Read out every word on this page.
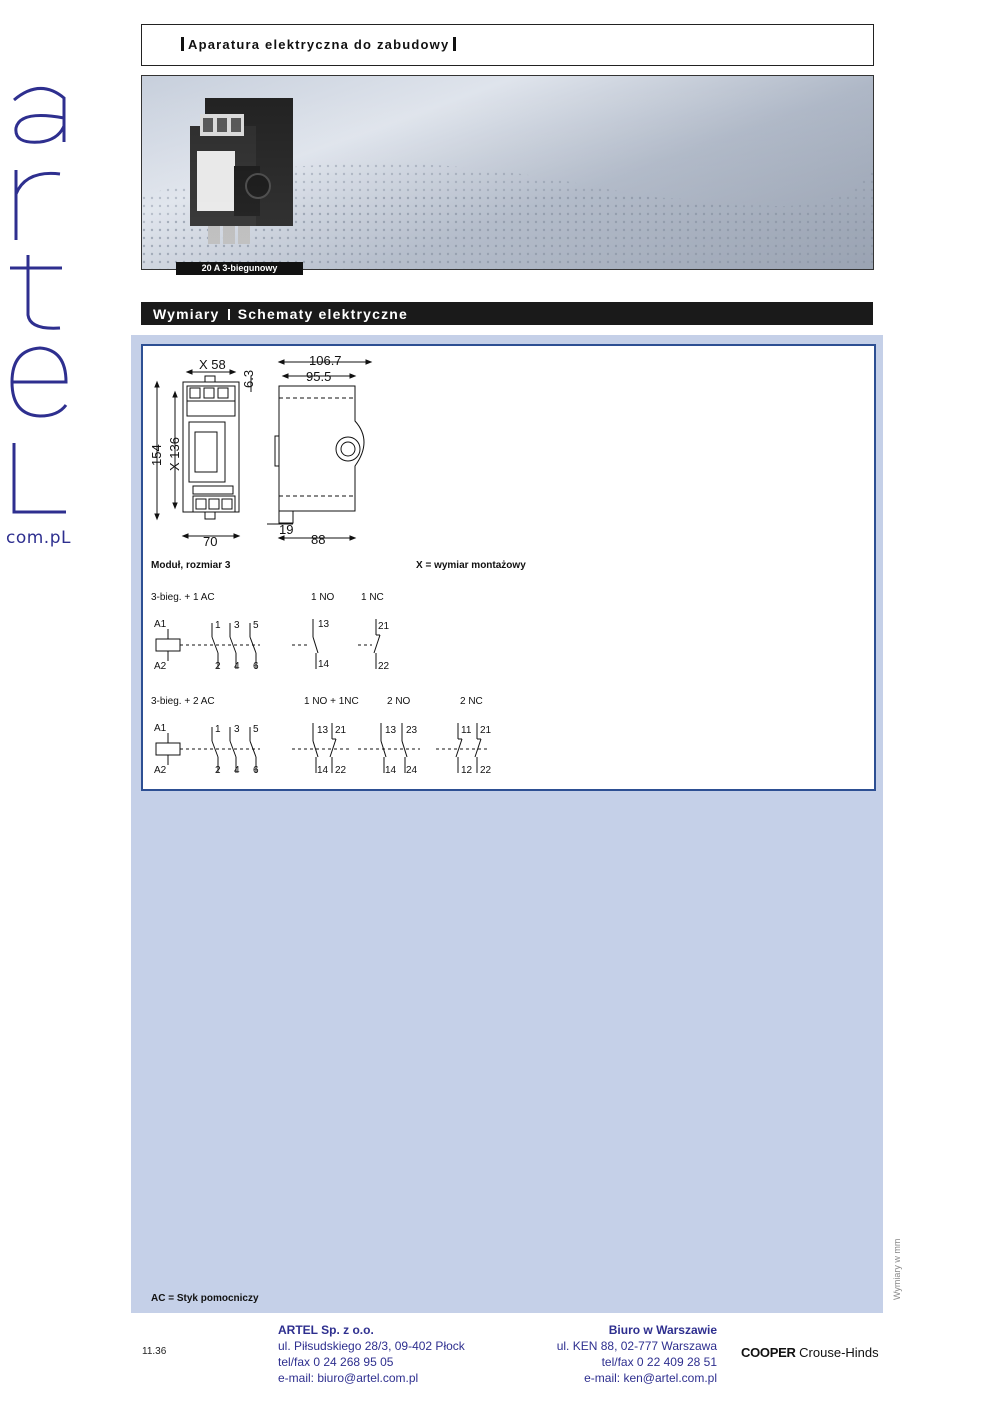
com.pL
Aparatura elektryczna do zabudowy
20 A 3-biegunowy
Wymiary Schematy elektryczne
X 58
6.3
154 X 136
70
106.7
95.5
19
88
Moduł, rozmiar 3	X = wymiar montażowy
3-bieg. + 1 AC	1 NO	1 NC
A1
A2
1 3 5
2 4 6
13
14
21
22
3-bieg. + 2 AC	1 NO + 1NC	2 NO	2 NC
A1
A2
1 3 5
2 4 6
13 21
14 22
13 23
14 24
11 21
12 22
AC = Styk pomocniczy	Wymiary w mm
11.36
ARTEL Sp. z o.o.
ul. Piłsudskiego 28/3, 09-402 Płock
tel/fax 0 24 268 95 05
e-mail: biuro@artel.com.pl
Biuro w Warszawie
ul. KEN 88, 02-777 Warszawa
tel/fax 0 22 409 28 51
e-mail: ken@artel.com.pl
COOPER Crouse-Hinds
